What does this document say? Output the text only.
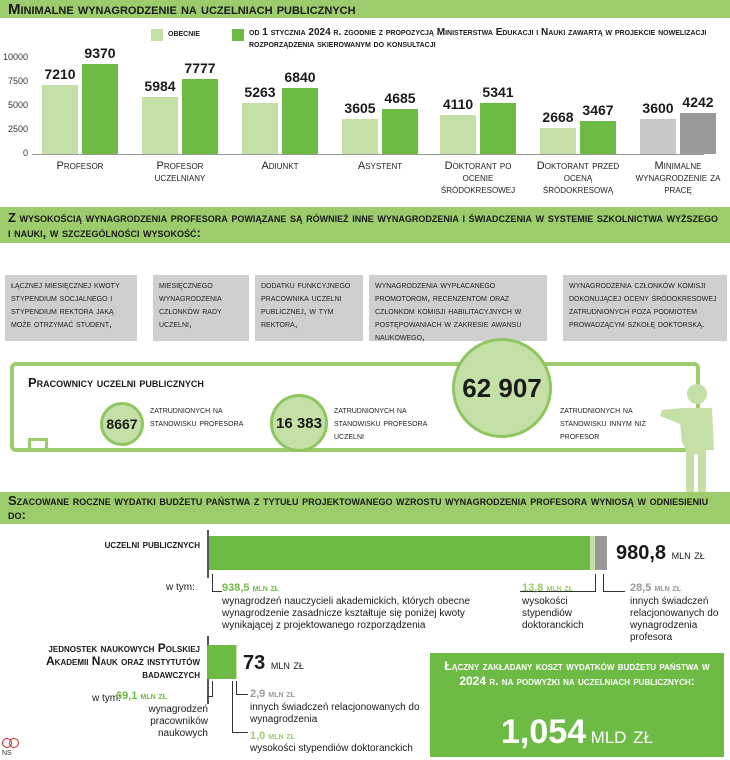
Minimalne wynagrodzenie na uczelniach publicznych
obecnie	od 1 stycznia 2024 r. zgodnie z propozycją Ministerstwa Edukacji i Nauki zawartą w projekcie nowelizacji rozporządzenia skierowanym do konsultacji
10000
7500
5000
2500
0
7210
9370
Profesor
5984
7777
Profesor uczelniany
5263
6840
Adiunkt
3605
4685
Asystent
4110
5341
Doktorant po ocenie śródokresowej
2668 3467
Doktorant przed oceną śródokresową
3600 4242
Minimalne wynagrodzenie za pracę
Z wysokością wynagrodzenia profesora powiązane są również inne wynagrodzenia i świadczenia w systemie szkolnictwa wyższego i nauki, w szczególności wysokość:
łącznej miesięcznej kwoty stypendium socjalnego i stypendium rektora jaką może otrzymać student,
miesięcznego wynagrodzenia członków rady uczelni,
dodatku funkcyjnego pracownika uczelni publicznej, w tym rektora,
wynagrodzenia wypłacanego promotorom, recenzentom oraz członkom komisji habilitacyjnych w postępowaniach w zakresie awansu naukowego,
wynagrodzenia członków komisji dokonującej oceny śródokresowej zatrudnionych poza podmiotem prowadzącym szkołę doktorską.
Pracownicy uczelni publicznych
8667
zatrudnionych na stanowisku profesora	16 383
zatrudnionych na stanowisku profesora uczelni
62 907
zatrudnionych na stanowisku innym niż profesor
Szacowane roczne wydatki budżetu państwa z tytułu projektowanego wzrostu wynagrodzenia profesora wyniosą w odniesieniu do:
uczelni publicznych	980,8 mln zł
w tym: 938,5 mln zł
wynagrodzeń nauczycieli akademickich, których obecne wynagrodzenie zasadnicze kształtuje się poniżej kwoty wynikającej z projektowanego rozporządzenia
13,8 mln zł
wysokości stypendiów doktoranckich
28,5 mln zł
innych świadczeń relacjonowanych do wynagrodzenia profesora
jednostek naukowych Polskiej Akademii Nauk oraz instytutów badawczych 73 mln zł
w tym:
69,1 mln zł
wynagrodzeń pracowników naukowych
2,9 mln zł
innych świadczeń relacjonowanych do wynagrodzenia
1,0 mln zł
wysokości stypendiów doktoranckich
Łączny zakładany koszt wydatków budżetu państwa w 2024 r. na podwyżki na uczelniach publicznych:
1,054 mld zł
NS
